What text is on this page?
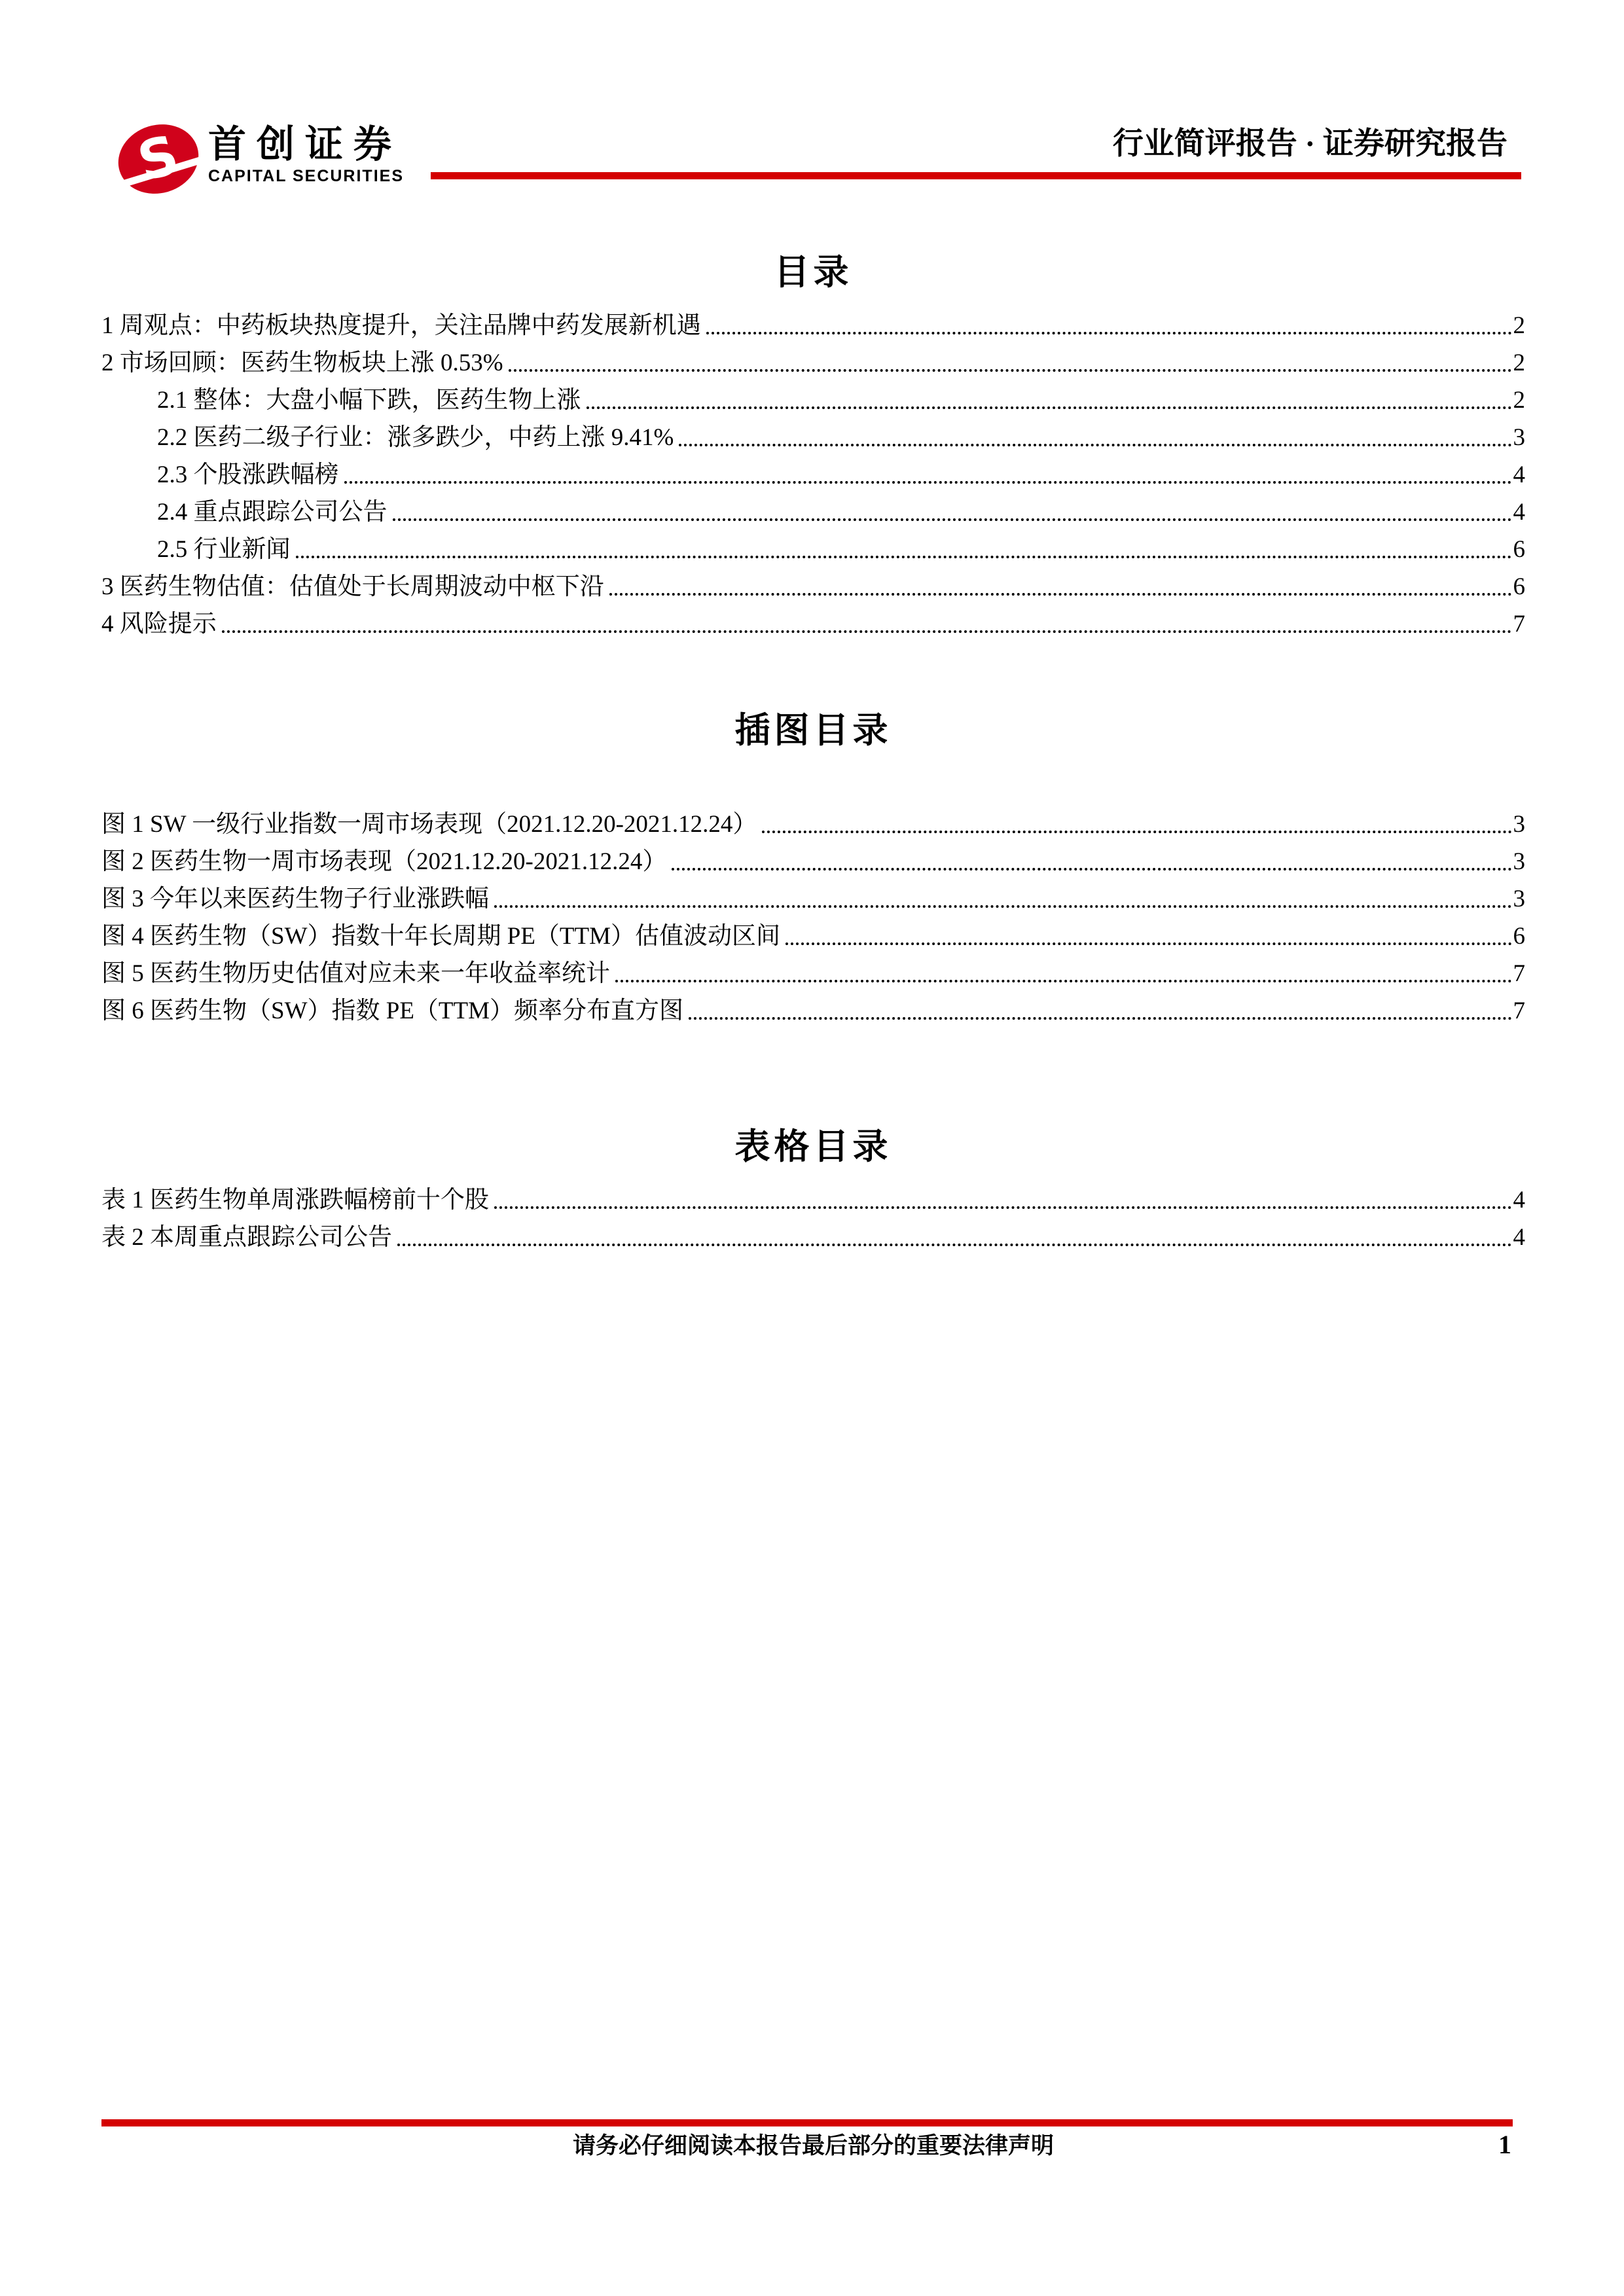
S 首创证券
CAPITAL SECURITIES
行业简评报告 · 证券研究报告
目录
1 周观点：中药板块热度提升，关注品牌中药发展新机遇	2
2 市场回顾：医药生物板块上涨 0.53%	2
2.1 整体：大盘小幅下跌，医药生物上涨	2
2.2 医药二级子行业：涨多跌少，中药上涨 9.41%	3
2.3 个股涨跌幅榜	4
2.4 重点跟踪公司公告	4
2.5 行业新闻	6
3 医药生物估值：估值处于长周期波动中枢下沿	6
4 风险提示	7
插图目录
图 1 SW 一级行业指数一周市场表现（2021.12.20-2021.12.24）	3
图 2 医药生物一周市场表现（2021.12.20-2021.12.24）	3
图 3 今年以来医药生物子行业涨跌幅	3
图 4 医药生物（SW）指数十年长周期 PE（TTM）估值波动区间	6
图 5 医药生物历史估值对应未来一年收益率统计	7
图 6 医药生物（SW）指数 PE（TTM）频率分布直方图	7
表格目录
表 1 医药生物单周涨跌幅榜前十个股	4
表 2 本周重点跟踪公司公告	4
请务必仔细阅读本报告最后部分的重要法律声明	1
